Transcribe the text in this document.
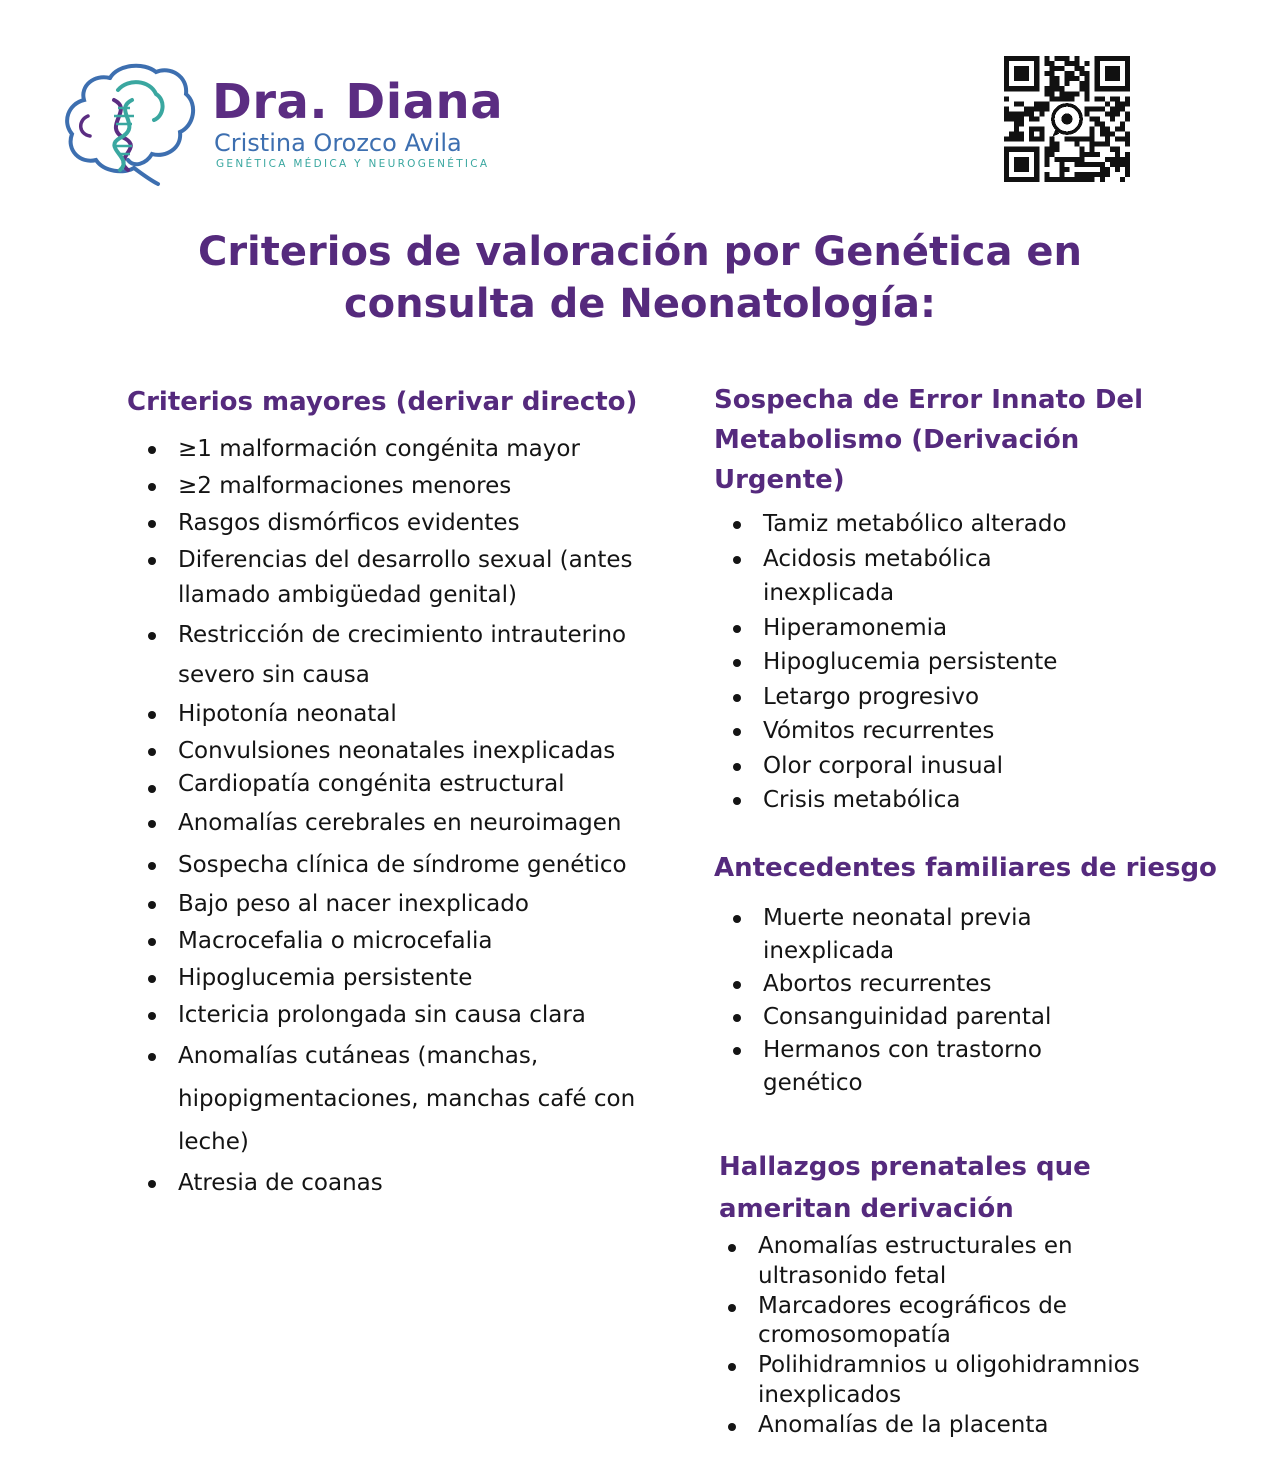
Dra. Diana
Cristina Orozco Avila
GENÉTICA MÉDICA Y NEUROGENÉTICA
Criterios de valoración por Genética en
consulta de Neonatología:
Criterios mayores (derivar directo)
≥1 malformación congénita mayor
≥2 malformaciones menores
Rasgos dismórficos evidentes
Diferencias del desarrollo sexual (antes llamado ambigüedad genital)
Restricción de crecimiento intrauterino severo sin causa
Hipotonía neonatal
Convulsiones neonatales inexplicadas
Cardiopatía congénita estructural
Anomalías cerebrales en neuroimagen
Sospecha clínica de síndrome genético
Bajo peso al nacer inexplicado
Macrocefalia o microcefalia
Hipoglucemia persistente
Ictericia prolongada sin causa clara
Anomalías cutáneas (manchas, hipopigmentaciones, manchas café con leche)
Atresia de coanas
Sospecha de Error Innato Del Metabolismo (Derivación Urgente)
Tamiz metabólico alterado
Acidosis metabólica inexplicada
Hiperamonemia
Hipoglucemia persistente
Letargo progresivo
Vómitos recurrentes
Olor corporal inusual
Crisis metabólica
Antecedentes familiares de riesgo
Muerte neonatal previa inexplicada
Abortos recurrentes
Consanguinidad parental
Hermanos con trastorno genético
Hallazgos prenatales que ameritan derivación
Anomalías estructurales en ultrasonido fetal
Marcadores ecográficos de cromosomopatía
Polihidramnios u oligohidramnios inexplicados
Anomalías de la placenta
